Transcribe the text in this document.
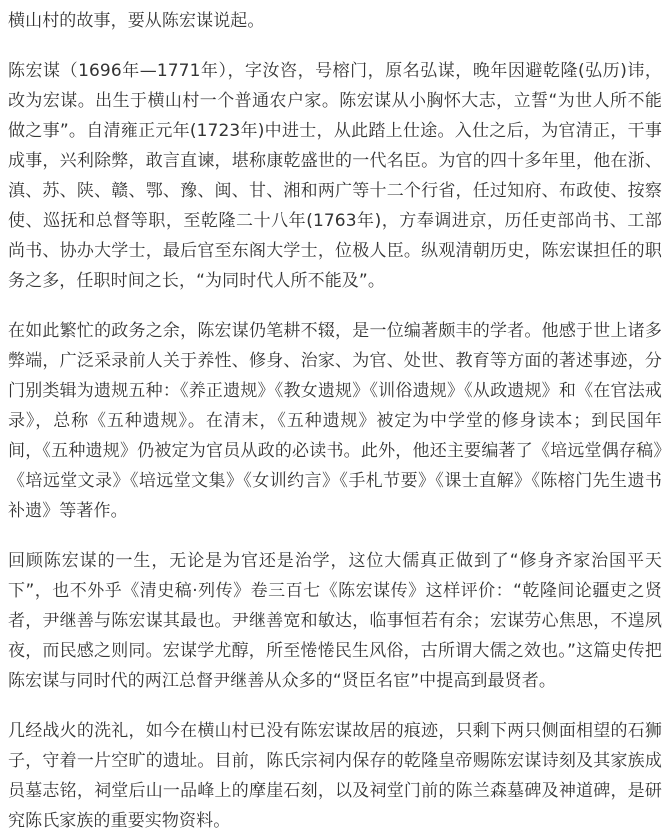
横山村的故事，要从陈宏谋说起。

陈宏谋（1696年—1771年），字汝咨，号榕门，原名弘谋，晚年因避乾隆(弘历)讳，改为宏谋。出生于横山村一个普通农户家。陈宏谋从小胸怀大志，立誓“为世人所不能做之事”。自清雍正元年(1723年)中进士，从此踏上仕途。入仕之后，为官清正，干事成事，兴利除弊，敢言直谏，堪称康乾盛世的一代名臣。为官的四十多年里，他在浙、滇、苏、陕、赣、鄂、豫、闽、甘、湘和两广等十二个行省，任过知府、布政使、按察使、巡抚和总督等职，至乾隆二十八年(1763年)，方奉调进京，历任吏部尚书、工部尚书、协办大学士，最后官至东阁大学士，位极人臣。纵观清朝历史，陈宏谋担任的职务之多，任职时间之长，“为同时代人所不能及”。

在如此繁忙的政务之余，陈宏谋仍笔耕不辍，是一位编著颇丰的学者。他感于世上诸多弊端，广泛采录前人关于养性、修身、治家、为官、处世、教育等方面的著述事迹，分门别类辑为遗规五种：《养正遗规》《教女遗规》《训俗遗规》《从政遗规》和《在官法戒录》，总称《五种遗规》。在清末，《五种遗规》被定为中学堂的修身读本；到民国年间，《五种遗规》仍被定为官员从政的必读书。此外，他还主要编著了《培远堂偶存稿》《培远堂文录》《培远堂文集》《女训约言》《手札节要》《课士直解》《陈榕门先生遗书补遗》等著作。

回顾陈宏谋的一生，无论是为官还是治学，这位大儒真正做到了“修身齐家治国平天下”，也不外乎《清史稿·列传》卷三百七《陈宏谋传》这样评价：“乾隆间论疆吏之贤者，尹继善与陈宏谋其最也。尹继善宽和敏达，临事恒若有余；宏谋劳心焦思，不遑夙夜，而民感之则同。宏谋学尤醇，所至惓惓民生风俗，古所谓大儒之效也。”这篇史传把陈宏谋与同时代的两江总督尹继善从众多的“贤臣名宦”中提高到最贤者。

几经战火的洗礼，如今在横山村已没有陈宏谋故居的痕迹，只剩下两只侧面相望的石狮子，守着一片空旷的遗址。目前，陈氏宗祠内保存的乾隆皇帝赐陈宏谋诗刻及其家族成员墓志铭，祠堂后山一品峰上的摩崖石刻，以及祠堂门前的陈兰森墓碑及神道碑，是研究陈氏家族的重要实物资料。
